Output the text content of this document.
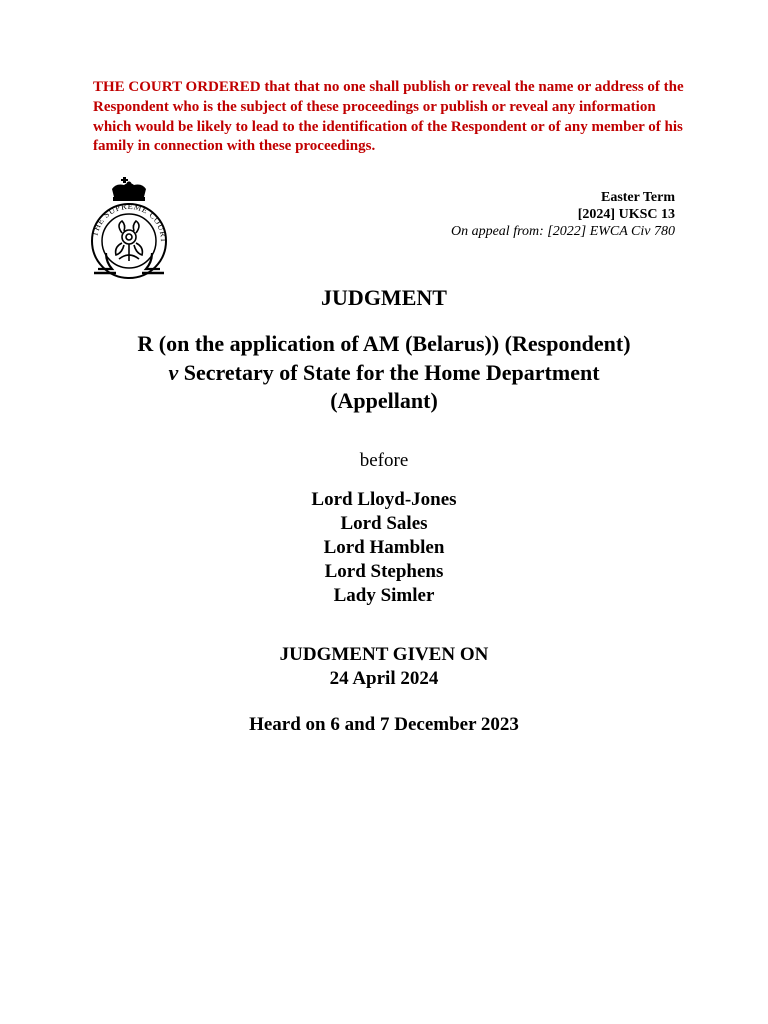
THE COURT ORDERED that that no one shall publish or reveal the name or address of the Respondent who is the subject of these proceedings or publish or reveal any information which would be likely to lead to the identification of the Respondent or of any member of his family in connection with these proceedings.
THE SUPREME COURT
Easter Term
[2024] UKSC 13
On appeal from: [2022] EWCA Civ 780
JUDGMENT
R (on the application of AM (Belarus)) (Respondent)
v Secretary of State for the Home Department
(Appellant)
before
Lord Lloyd-Jones
Lord Sales
Lord Hamblen
Lord Stephens
Lady Simler
JUDGMENT GIVEN ON
24 April 2024
Heard on 6 and 7 December 2023
